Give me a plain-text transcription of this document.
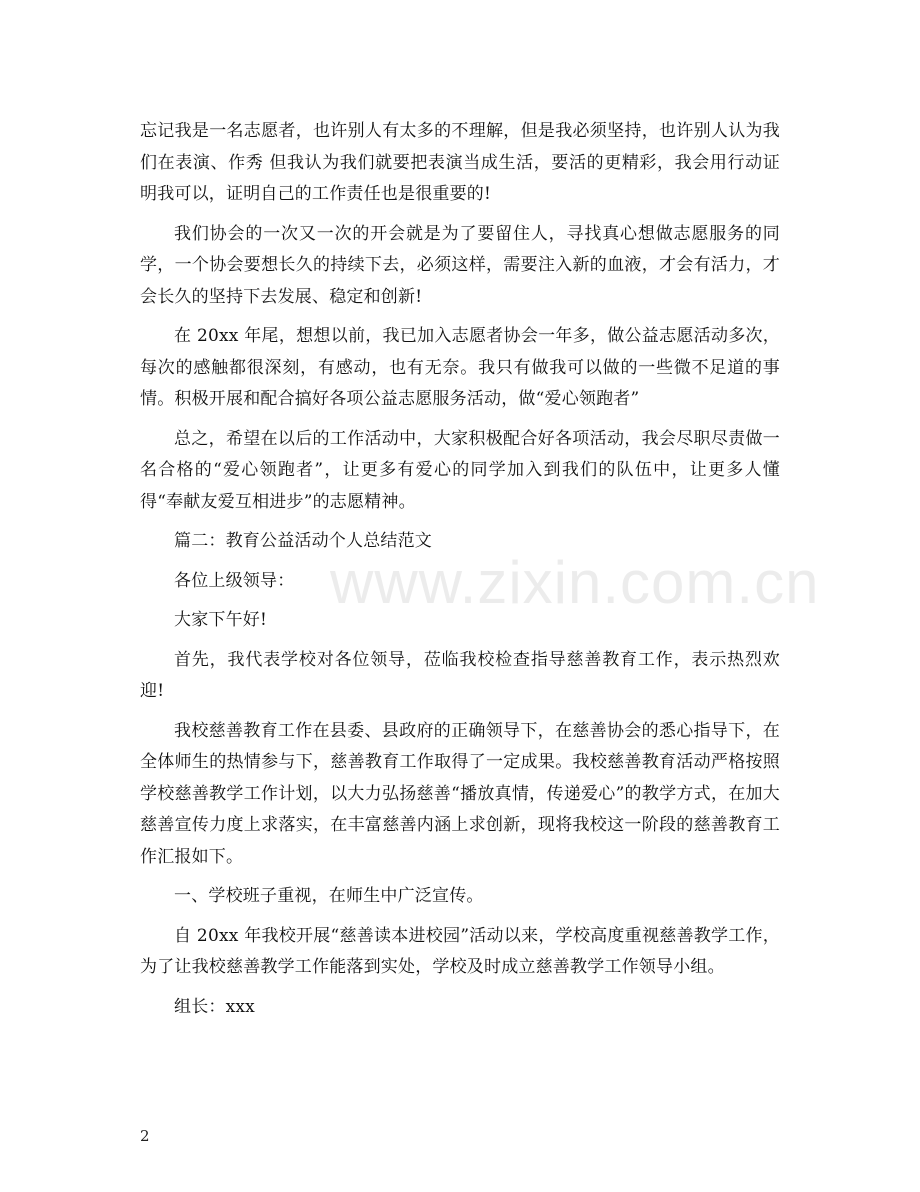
忘记我是一名志愿者，也许别人有太多的不理解，但是我必须坚持，也许别人认为我们在表演、作秀 但我认为我们就要把表演当成生活，要活的更精彩，我会用行动证明我可以，证明自己的工作责任也是很重要的!

我们协会的一次又一次的开会就是为了要留住人，寻找真心想做志愿服务的同学，一个协会要想长久的持续下去，必须这样，需要注入新的血液，才会有活力，才会长久的坚持下去发展、稳定和创新!

在 20xx 年尾，想想以前，我已加入志愿者协会一年多，做公益志愿活动多次，每次的感触都很深刻，有感动，也有无奈。我只有做我可以做的一些微不足道的事情。积极开展和配合搞好各项公益志愿服务活动，做“爱心领跑者”

总之，希望在以后的工作活动中，大家积极配合好各项活动，我会尽职尽责做一名合格的“爱心领跑者”，让更多有爱心的同学加入到我们的队伍中，让更多人懂得“奉献友爱互相进步”的志愿精神。

篇二：教育公益活动个人总结范文

各位上级领导：

大家下午好!

首先，我代表学校对各位领导，莅临我校检查指导慈善教育工作，表示热烈欢迎!

我校慈善教育工作在县委、县政府的正确领导下，在慈善协会的悉心指导下，在全体师生的热情参与下，慈善教育工作取得了一定成果。我校慈善教育活动严格按照学校慈善教学工作计划，以大力弘扬慈善“播放真情，传递爱心”的教学方式，在加大慈善宣传力度上求落实，在丰富慈善内涵上求创新，现将我校这一阶段的慈善教育工作汇报如下。

一、学校班子重视，在师生中广泛宣传。

自 20xx 年我校开展“慈善读本进校园”活动以来，学校高度重视慈善教学工作，为了让我校慈善教学工作能落到实处，学校及时成立慈善教学工作领导小组。

组长：xxx

www.zixin.com.cn
2
